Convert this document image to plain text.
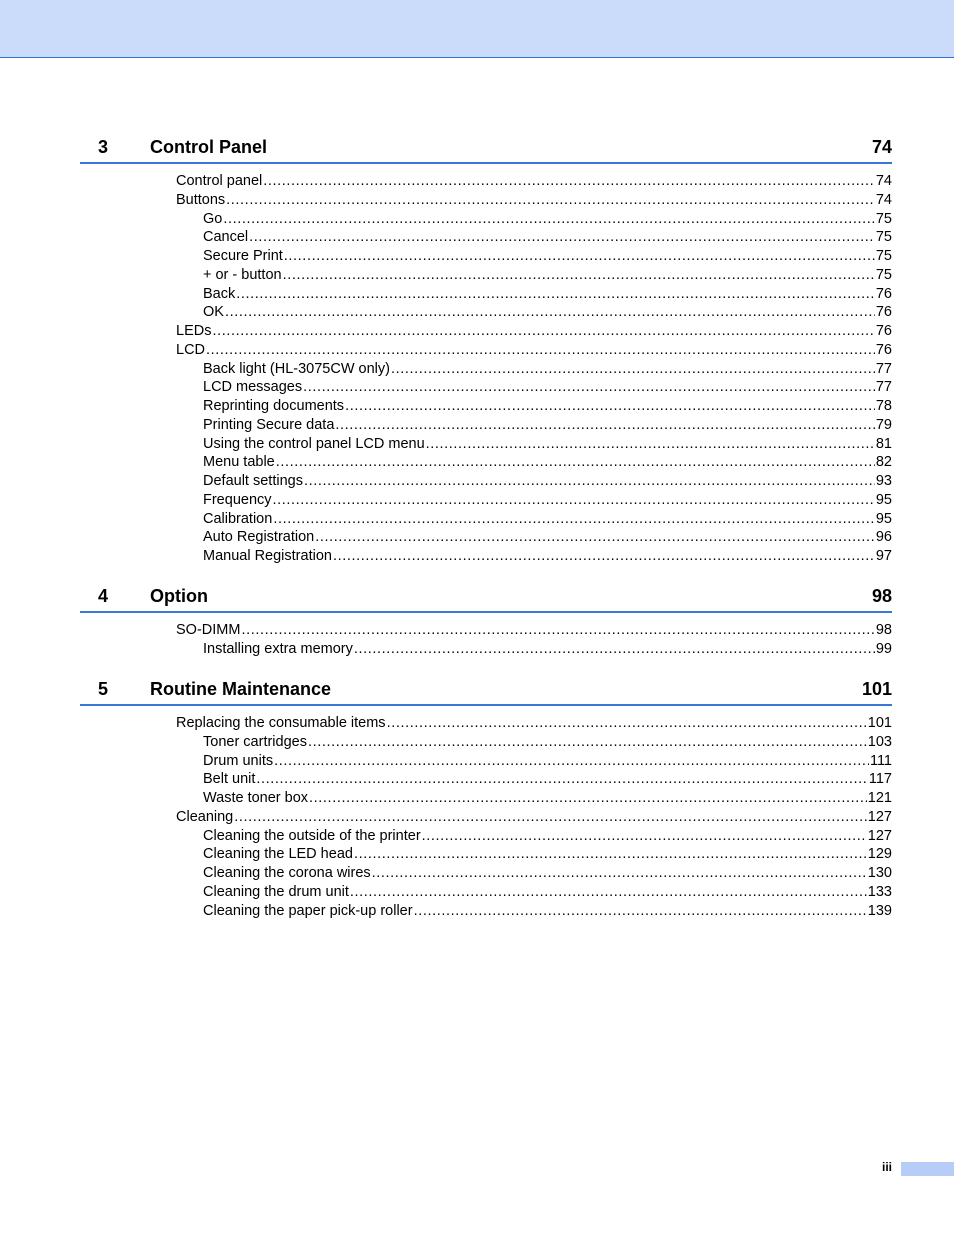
3 Control Panel	74
Control panel .....	74
Buttons .....	74
Go .....	75
Cancel .....	75
Secure Print .....	75
+ or - button .....	75
Back .....	76
OK .....	76
LEDs .....	76
LCD .....	76
Back light (HL-3075CW only) .....	77
LCD messages .....	77
Reprinting documents .....	78
Printing Secure data .....	79
Using the control panel LCD menu .....	81
Menu table .....	82
Default settings .....	93
Frequency .....	95
Calibration .....	95
Auto Registration .....	96
Manual Registration .....	97
4 Option	98
SO-DIMM .....	98
Installing extra memory .....	99
5 Routine Maintenance	101
Replacing the consumable items .....	101
Toner cartridges .....	103
Drum units .....	111
Belt unit .....	117
Waste toner box .....	121
Cleaning .....	127
Cleaning the outside of the printer .....	127
Cleaning the LED head .....	129
Cleaning the corona wires .....	130
Cleaning the drum unit .....	133
Cleaning the paper pick-up roller .....	139
iii
